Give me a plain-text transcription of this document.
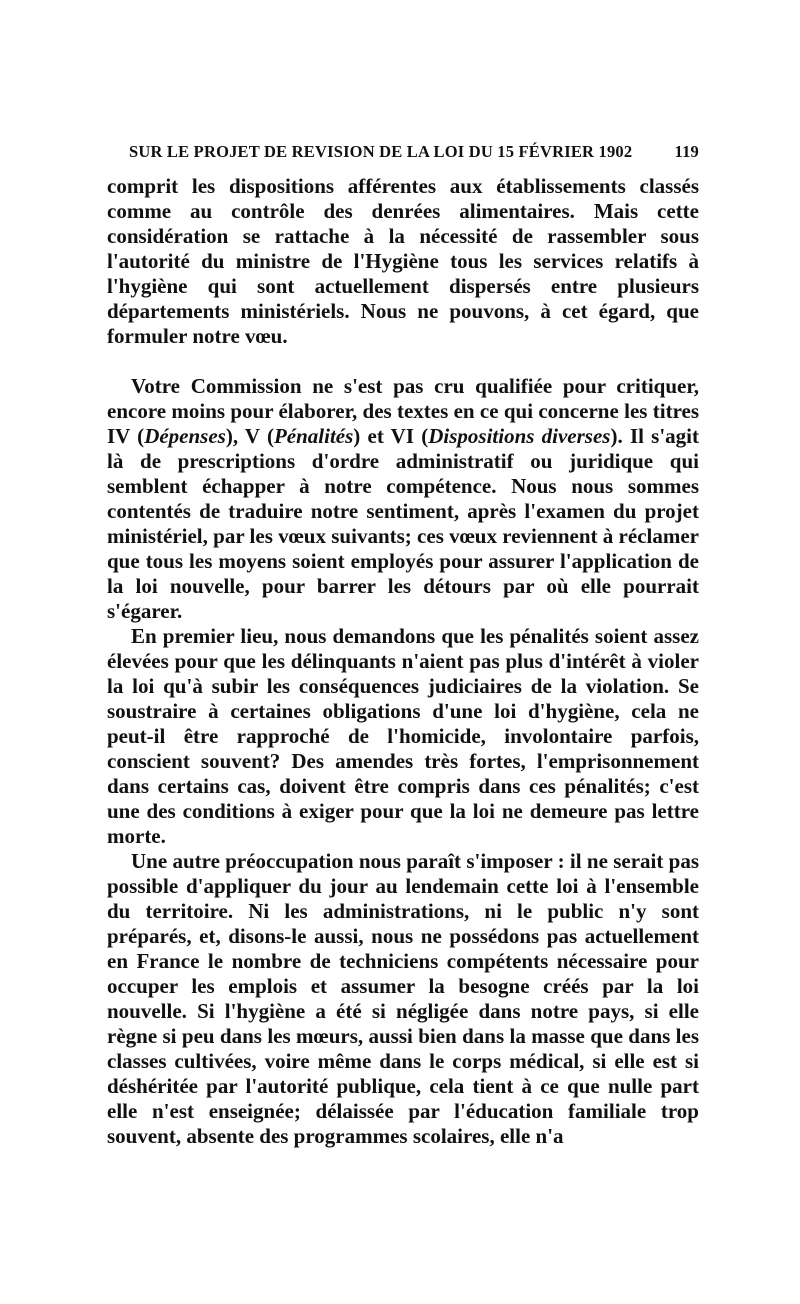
SUR LE PROJET DE REVISION DE LA LOI DU 15 FÉVRIER 1902	119

comprit les dispositions afférentes aux établissements classés comme au contrôle des denrées alimentaires. Mais cette considération se rattache à la nécessité de rassembler sous l'autorité du ministre de l'Hygiène tous les services relatifs à l'hygiène qui sont actuellement dispersés entre plusieurs départements ministériels. Nous ne pouvons, à cet égard, que formuler notre vœu.

Votre Commission ne s'est pas cru qualifiée pour critiquer, encore moins pour élaborer, des textes en ce qui concerne les titres IV (Dépenses), V (Pénalités) et VI (Dispositions diverses). Il s'agit là de prescriptions d'ordre administratif ou juridique qui semblent échapper à notre compétence. Nous nous sommes contentés de traduire notre sentiment, après l'examen du projet ministériel, par les vœux suivants; ces vœux reviennent à réclamer que tous les moyens soient employés pour assurer l'application de la loi nouvelle, pour barrer les détours par où elle pourrait s'égarer.

En premier lieu, nous demandons que les pénalités soient assez élevées pour que les délinquants n'aient pas plus d'intérêt à violer la loi qu'à subir les conséquences judiciaires de la violation. Se soustraire à certaines obligations d'une loi d'hygiène, cela ne peut-il être rapproché de l'homicide, involontaire parfois, conscient souvent? Des amendes très fortes, l'emprisonnement dans certains cas, doivent être compris dans ces pénalités; c'est une des conditions à exiger pour que la loi ne demeure pas lettre morte.

Une autre préoccupation nous paraît s'imposer : il ne serait pas possible d'appliquer du jour au lendemain cette loi à l'ensemble du territoire. Ni les administrations, ni le public n'y sont préparés, et, disons-le aussi, nous ne possédons pas actuellement en France le nombre de techniciens compétents nécessaire pour occuper les emplois et assumer la besogne créés par la loi nouvelle. Si l'hygiène a été si négligée dans notre pays, si elle règne si peu dans les mœurs, aussi bien dans la masse que dans les classes cultivées, voire même dans le corps médical, si elle est si déshéritée par l'autorité publique, cela tient à ce que nulle part elle n'est enseignée; délaissée par l'éducation familiale trop souvent, absente des programmes scolaires, elle n'a
